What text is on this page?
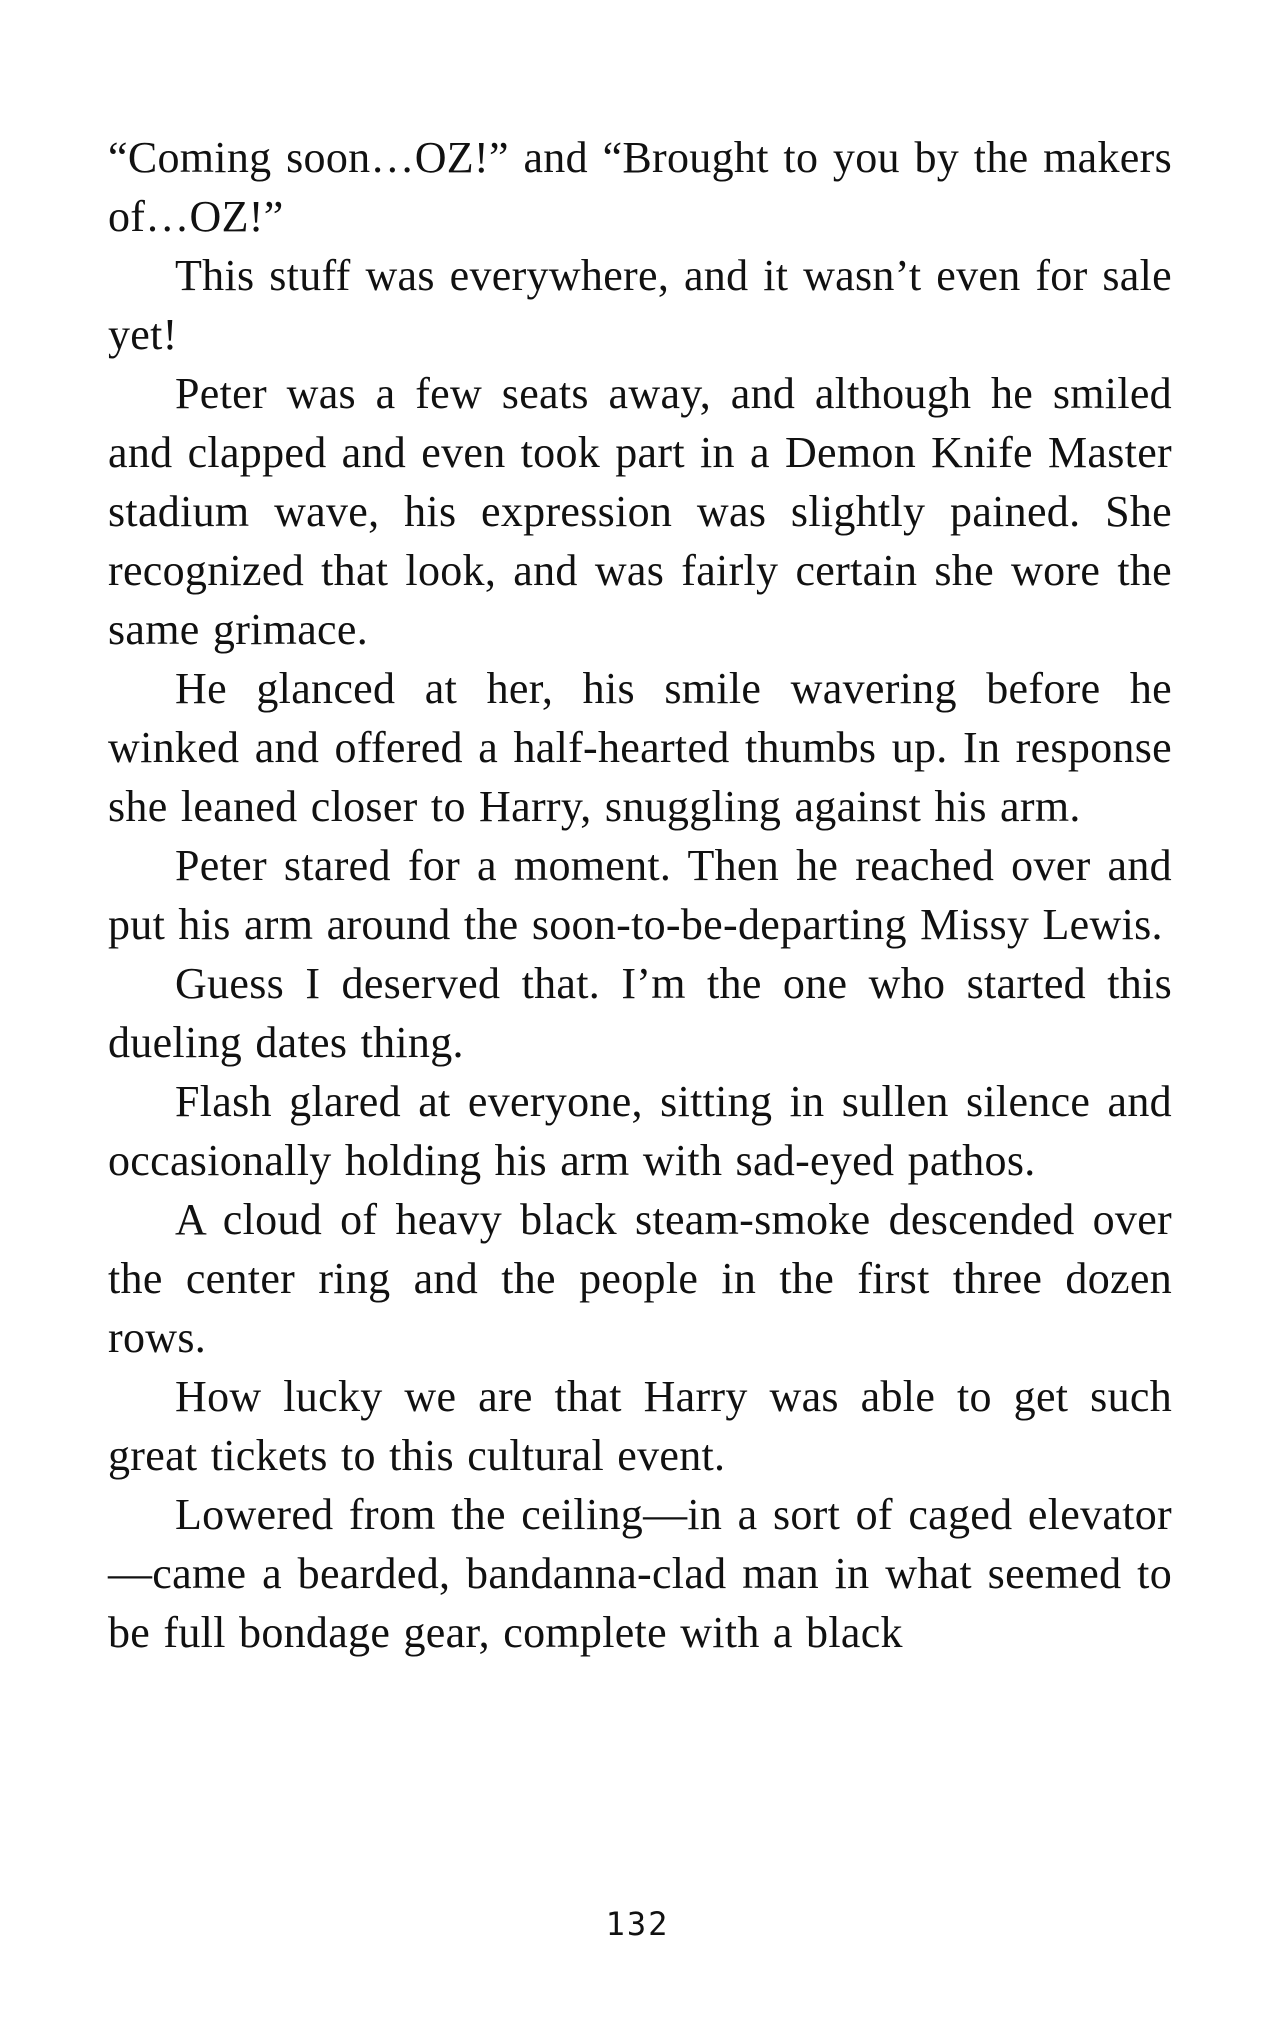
“Coming soon…OZ!” and “Brought to you by the makers of…OZ!”

This stuff was everywhere, and it wasn’t even for sale yet!

Peter was a few seats away, and although he smiled and clapped and even took part in a Demon Knife Master stadium wave, his expression was slightly pained. She recognized that look, and was fairly certain she wore the same grimace.

He glanced at her, his smile wavering before he winked and offered a half-hearted thumbs up. In response she leaned closer to Harry, snuggling against his arm.

Peter stared for a moment. Then he reached over and put his arm around the soon-to-be-departing Missy Lewis.

Guess I deserved that. I’m the one who started this dueling dates thing.

Flash glared at everyone, sitting in sullen silence and occasionally holding his arm with sad-eyed pathos.

A cloud of heavy black steam-smoke descended over the center ring and the people in the first three dozen rows.

How lucky we are that Harry was able to get such great tickets to this cultural event.

Lowered from the ceiling—in a sort of caged elevator—came a bearded, bandanna-clad man in what seemed to be full bondage gear, complete with a black

132
